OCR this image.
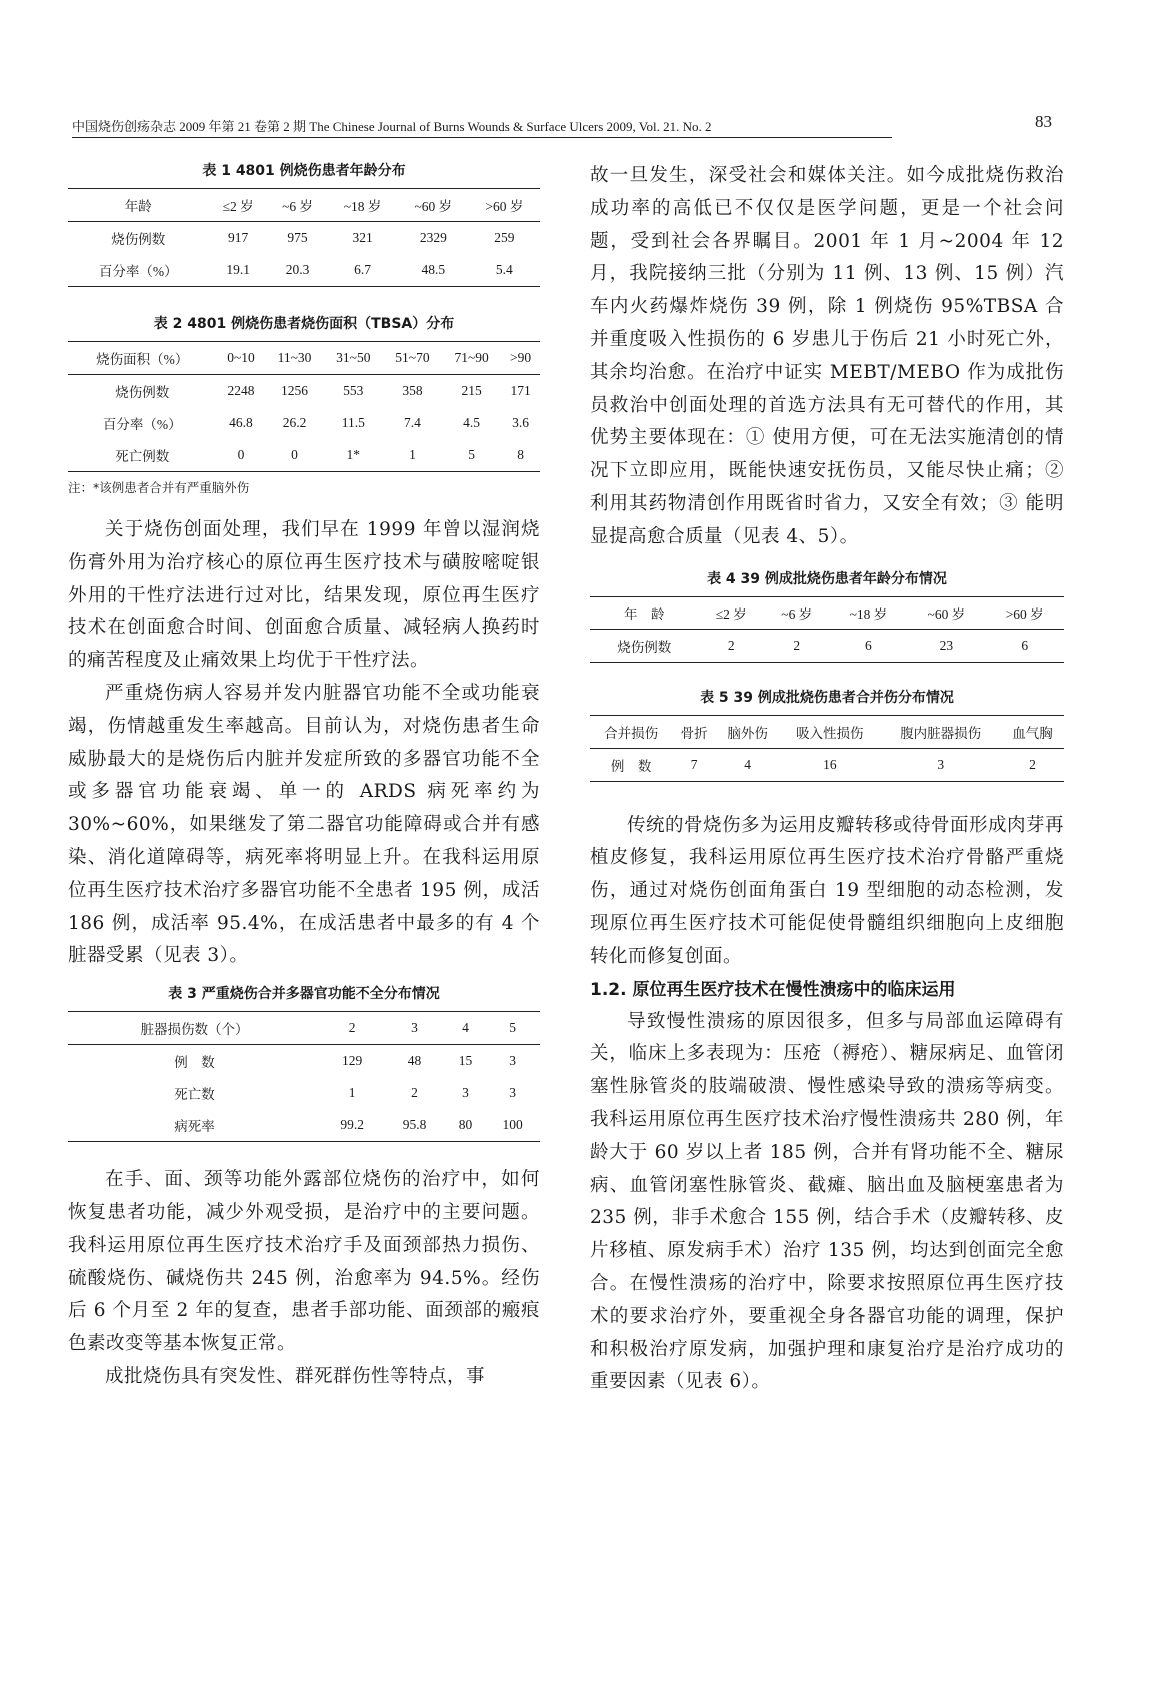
中国烧伤创疡杂志 2009 年第 21 卷第 2 期 The Chinese Journal of Burns Wounds & Surface Ulcers 2009, Vol. 21. No. 2	83

表 1 4801 例烧伤患者年龄分布

年龄	≤2 岁	~6 岁	~18 岁	~60 岁	>60 岁
烧伤例数	917	975	321	2329	259
百分率（%）	19.1	20.3	6.7	48.5	5.4

表 2 4801 例烧伤患者烧伤面积（TBSA）分布

烧伤面积（%）	0~10	11~30	31~50	51~70	71~90	>90
烧伤例数	2248	1256	553	358	215	171
百分率（%）	46.8	26.2	11.5	7.4	4.5	3.6
死亡例数	0	0	1*	1	5	8

注：*该例患者合并有严重脑外伤

关于烧伤创面处理，我们早在 1999 年曾以湿润烧伤膏外用为治疗核心的原位再生医疗技术与磺胺嘧啶银外用的干性疗法进行过对比，结果发现，原位再生医疗技术在创面愈合时间、创面愈合质量、减轻病人换药时的痛苦程度及止痛效果上均优于干性疗法。

严重烧伤病人容易并发内脏器官功能不全或功能衰竭，伤情越重发生率越高。目前认为，对烧伤患者生命威胁最大的是烧伤后内脏并发症所致的多器官功能不全或多器官功能衰竭、单一的 ARDS 病死率约为 30%~60%，如果继发了第二器官功能障碍或合并有感染、消化道障碍等，病死率将明显上升。在我科运用原位再生医疗技术治疗多器官功能不全患者 195 例，成活 186 例，成活率 95.4%，在成活患者中最多的有 4 个脏器受累（见表 3）。

表 3 严重烧伤合并多器官功能不全分布情况

脏器损伤数（个）	2	3	4	5
例　数	129	48	15	3
死亡数	1	2	3	3
病死率	99.2	95.8	80	100

在手、面、颈等功能外露部位烧伤的治疗中，如何恢复患者功能，减少外观受损，是治疗中的主要问题。我科运用原位再生医疗技术治疗手及面颈部热力损伤、硫酸烧伤、碱烧伤共 245 例，治愈率为 94.5%。经伤后 6 个月至 2 年的复查，患者手部功能、面颈部的瘢痕色素改变等基本恢复正常。

成批烧伤具有突发性、群死群伤性等特点，事

故一旦发生，深受社会和媒体关注。如今成批烧伤救治成功率的高低已不仅仅是医学问题，更是一个社会问题，受到社会各界瞩目。2001 年 1 月~2004 年 12 月，我院接纳三批（分别为 11 例、13 例、15 例）汽车内火药爆炸烧伤 39 例，除 1 例烧伤 95%TBSA 合并重度吸入性损伤的 6 岁患儿于伤后 21 小时死亡外，其余均治愈。在治疗中证实 MEBT/MEBO 作为成批伤员救治中创面处理的首选方法具有无可替代的作用，其优势主要体现在：① 使用方便，可在无法实施清创的情况下立即应用，既能快速安抚伤员，又能尽快止痛；② 利用其药物清创作用既省时省力，又安全有效；③ 能明显提高愈合质量（见表 4、5）。

表 4 39 例成批烧伤患者年龄分布情况

年　龄	≤2 岁	~6 岁	~18 岁	~60 岁	>60 岁
烧伤例数	2	2	6	23	6

表 5 39 例成批烧伤患者合并伤分布情况

合并损伤	骨折	脑外伤	吸入性损伤	腹内脏器损伤	血气胸
例　数	7	4	16	3	2

传统的骨烧伤多为运用皮瓣转移或待骨面形成肉芽再植皮修复，我科运用原位再生医疗技术治疗骨骼严重烧伤，通过对烧伤创面角蛋白 19 型细胞的动态检测，发现原位再生医疗技术可能促使骨髓组织细胞向上皮细胞转化而修复创面。

1.2. 原位再生医疗技术在慢性溃疡中的临床运用

导致慢性溃疡的原因很多，但多与局部血运障碍有关，临床上多表现为：压疮（褥疮）、糖尿病足、血管闭塞性脉管炎的肢端破溃、慢性感染导致的溃疡等病变。我科运用原位再生医疗技术治疗慢性溃疡共 280 例，年龄大于 60 岁以上者 185 例，合并有肾功能不全、糖尿病、血管闭塞性脉管炎、截瘫、脑出血及脑梗塞患者为 235 例，非手术愈合 155 例，结合手术（皮瓣转移、皮片移植、原发病手术）治疗 135 例，均达到创面完全愈合。在慢性溃疡的治疗中，除要求按照原位再生医疗技术的要求治疗外，要重视全身各器官功能的调理，保护和积极治疗原发病，加强护理和康复治疗是治疗成功的重要因素（见表 6）。
